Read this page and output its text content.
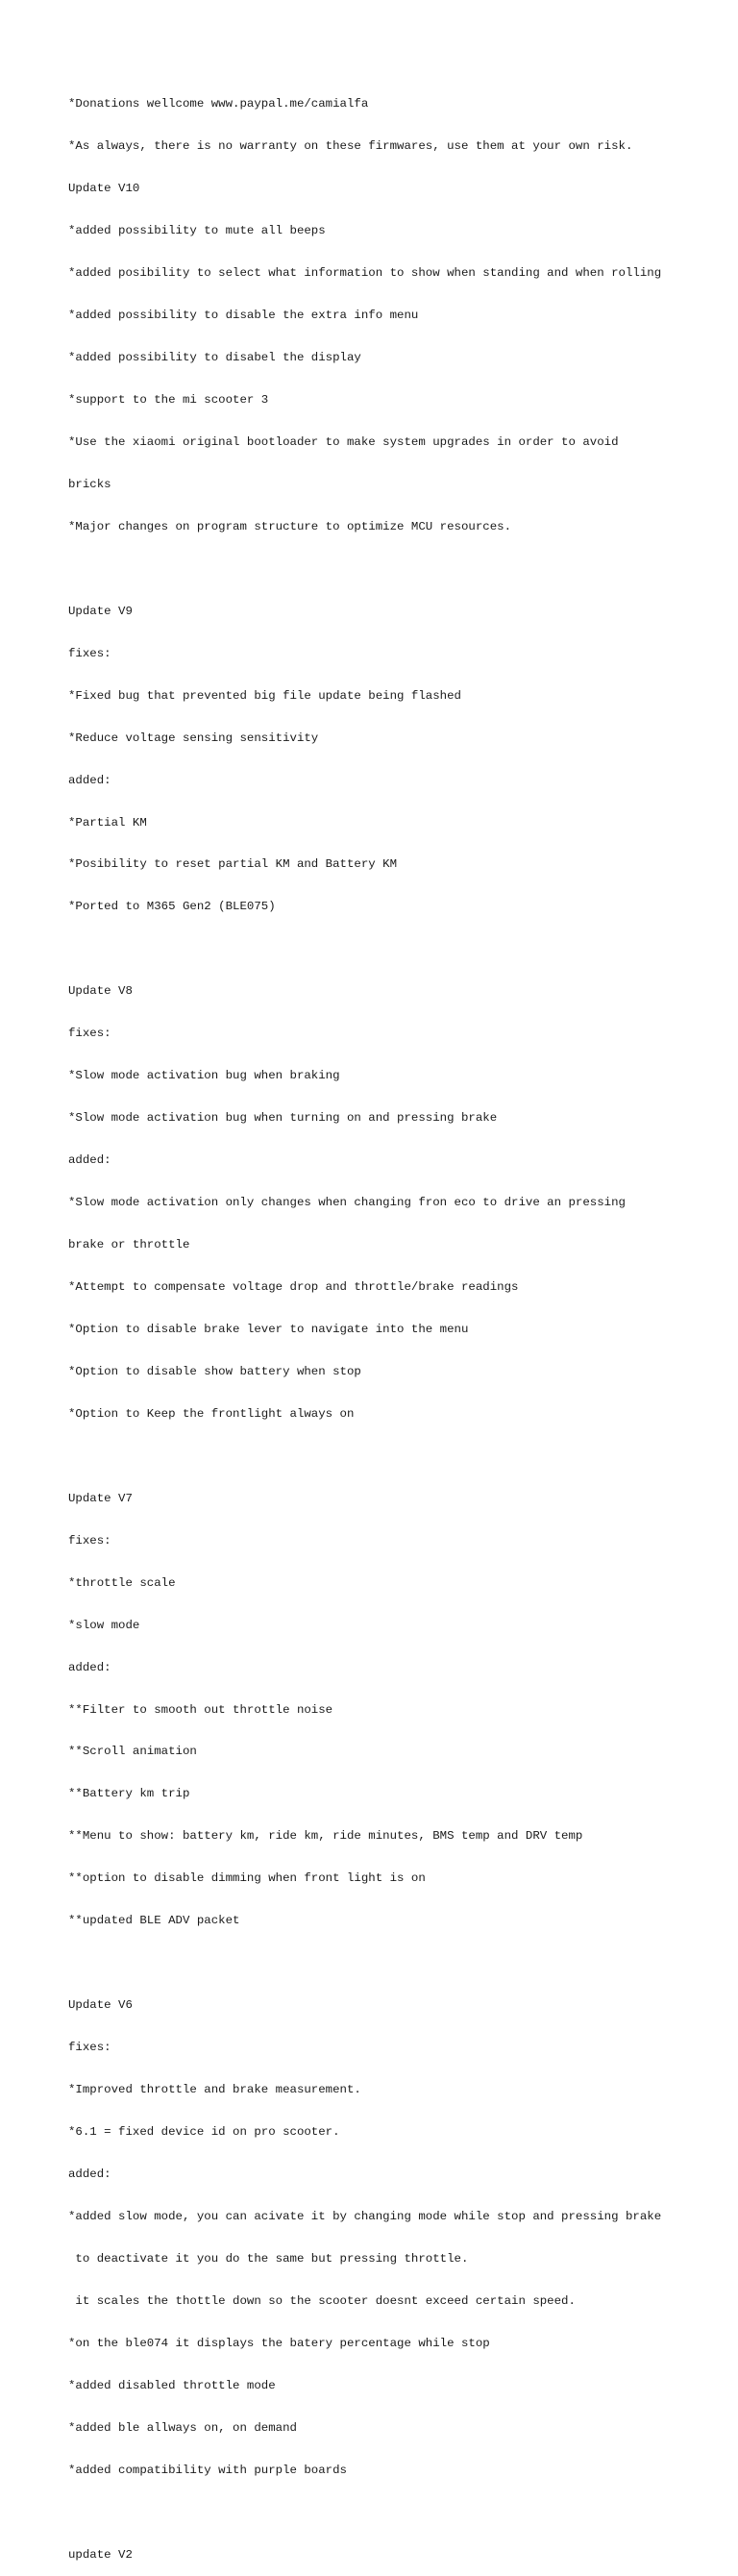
*Donations wellcome www.paypal.me/camialfa

*As always, there is no warranty on these firmwares, use them at your own risk.

Update V10

*added possibility to mute all beeps

*added posibility to select what information to show when standing and when rolling

*added possibility to disable the extra info menu

*added possibility to disabel the display

*support to the mi scooter 3

*Use the xiaomi original bootloader to make system upgrades in order to avoid

bricks

*Major changes on program structure to optimize MCU resources.

Update V9

fixes:

*Fixed bug that prevented big file update being flashed

*Reduce voltage sensing sensitivity

added:

*Partial KM

*Posibility to reset partial KM and Battery KM

*Ported to M365 Gen2 (BLE075)

Update V8

fixes:

*Slow mode activation bug when braking

*Slow mode activation bug when turning on and pressing brake

added:

*Slow mode activation only changes when changing fron eco to drive an pressing

brake or throttle

*Attempt to compensate voltage drop and throttle/brake readings

*Option to disable brake lever to navigate into the menu

*Option to disable show battery when stop

*Option to Keep the frontlight always on

Update V7

fixes:

*throttle scale

*slow mode

added:

**Filter to smooth out throttle noise

**Scroll animation

**Battery km trip

**Menu to show: battery km, ride km, ride minutes, BMS temp and DRV temp

**option to disable dimming when front light is on

**updated BLE ADV packet

Update V6

fixes:

*Improved throttle and brake measurement.

*6.1 = fixed device id on pro scooter.

added:

*added slow mode, you can acivate it by changing mode while stop and pressing brake

to deactivate it you do the same but pressing throttle.

it scales the thottle down so the scooter doesnt exceed certain speed.

*on the ble074 it displays the batery percentage while stop

*added disabled throttle mode

*added ble allways on, on demand

*added compatibility with purple boards

update V2
